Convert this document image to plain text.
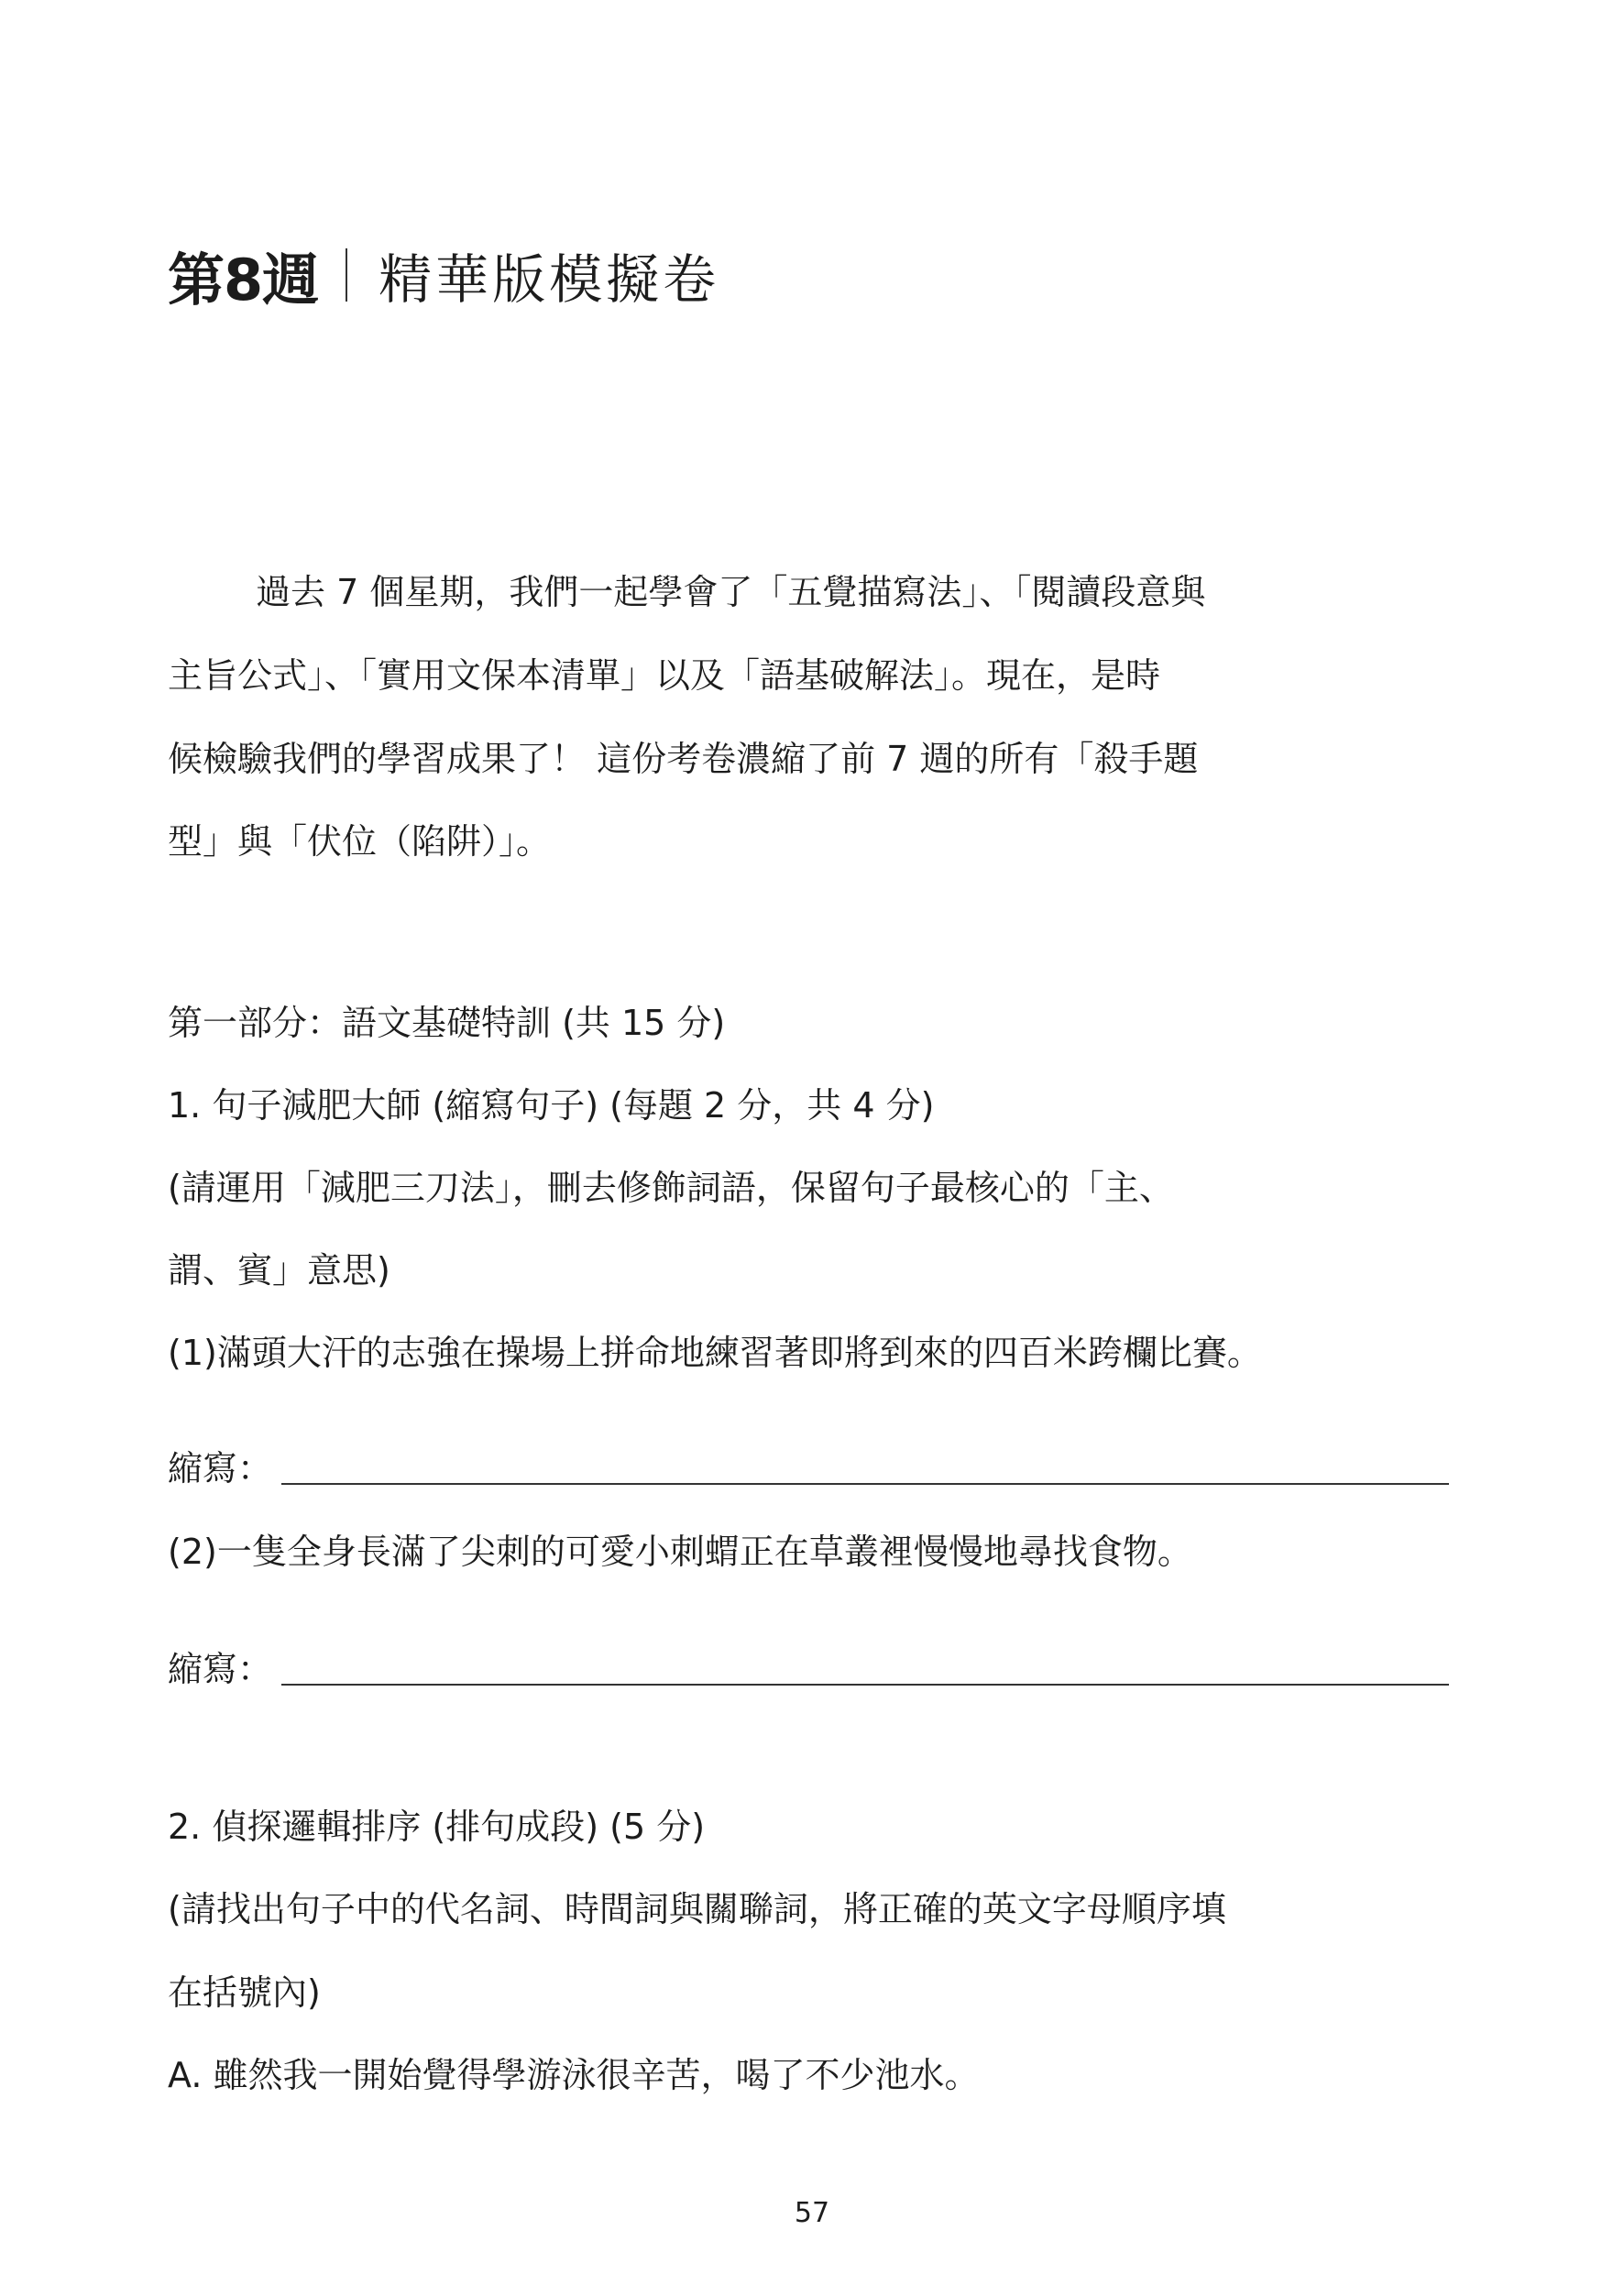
第8週 精華版模擬卷
過去 7 個星期，我們一起學會了「五覺描寫法」、「閱讀段意與
主旨公式」、「實用文保本清單」以及「語基破解法」。現在，是時
候檢驗我們的學習成果了！ 這份考卷濃縮了前 7 週的所有「殺手題
型」與「伏位（陷阱）」。
第一部分：語文基礎特訓 (共 15 分)
1. 句子減肥大師 (縮寫句子) (每題 2 分，共 4 分)
(請運用「減肥三刀法」，刪去修飾詞語，保留句子最核心的「主、
謂、賓」意思)
(1)滿頭大汗的志強在操場上拼命地練習著即將到來的四百米跨欄比賽。
縮寫：
(2)一隻全身長滿了尖刺的可愛小刺蝟正在草叢裡慢慢地尋找食物。
縮寫：
2. 偵探邏輯排序 (排句成段) (5 分)
(請找出句子中的代名詞、時間詞與關聯詞，將正確的英文字母順序填
在括號內)
A. 雖然我一開始覺得學游泳很辛苦，喝了不少池水。
57
